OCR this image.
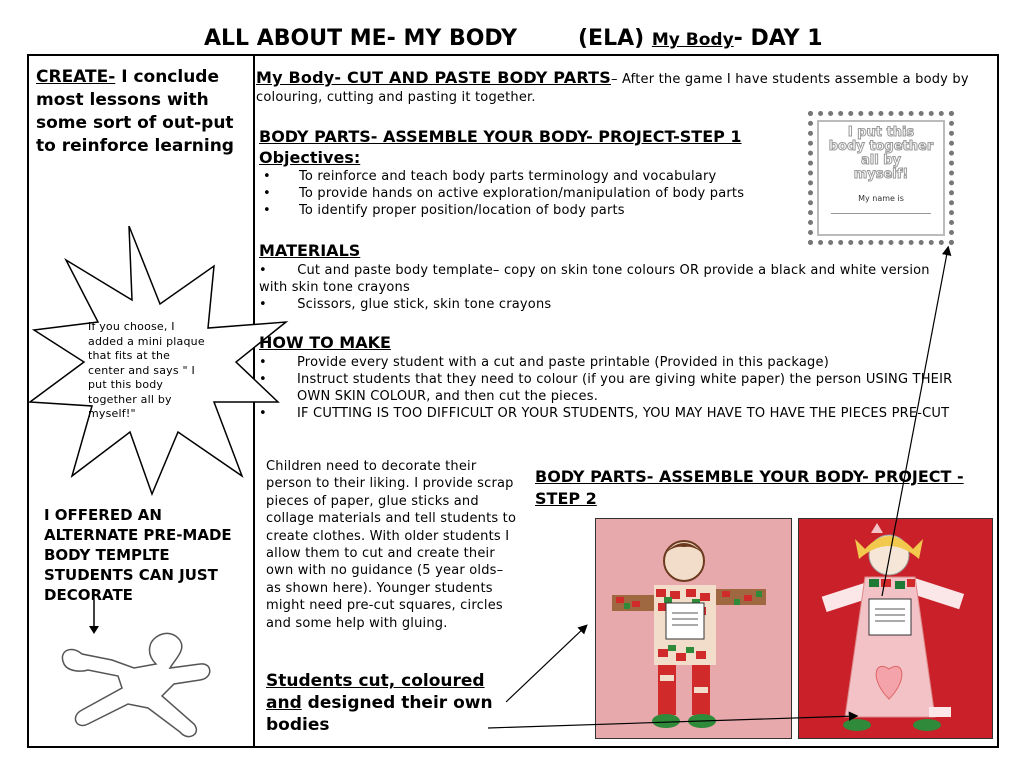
ALL ABOUT ME- MY BODY	(ELA) My Body- DAY 1
CREATE- I conclude most lessons with some sort of out-put to reinforce learning
If you choose, I added a mini plaque that fits at the center and says " I put this body together all by myself!"
I OFFERED AN ALTERNATE PRE-MADE BODY TEMPLTE STUDENTS CAN JUST DECORATE
My Body- CUT AND PASTE BODY PARTS– After the game I have students assemble a body by colouring, cutting and pasting it together.
BODY PARTS- ASSEMBLE YOUR BODY- PROJECT-STEP 1
Objectives:
• To reinforce and teach body parts terminology and vocabulary
• To provide hands on active exploration/manipulation of body parts
• To identify proper position/location of body parts
I put this
body together
all by
myself!
My name is
MATERIALS
•       Cut and paste body template– copy on skin tone colours OR provide a black and white version with skin tone crayons
•       Scissors, glue stick, skin tone crayons
HOW TO MAKE
• Provide every student with a cut and paste printable (Provided in this package)
• Instruct students that they need to colour (if you are giving white paper) the person USING THEIR OWN SKIN COLOUR, and then cut the pieces.
• IF CUTTING IS TOO DIFFICULT OR YOUR STUDENTS, YOU MAY HAVE TO HAVE THE PIECES PRE-CUT
Children need to decorate their person to their liking. I provide scrap pieces of paper, glue sticks and collage materials and tell students to create clothes. With older students I allow them to cut and create their own with no guidance (5 year olds– as shown here). Younger students might need pre-cut squares, circles and some help with gluing.
BODY PARTS- ASSEMBLE YOUR BODY- PROJECT -STEP 2
Students cut, coloured and designed their own bodies
